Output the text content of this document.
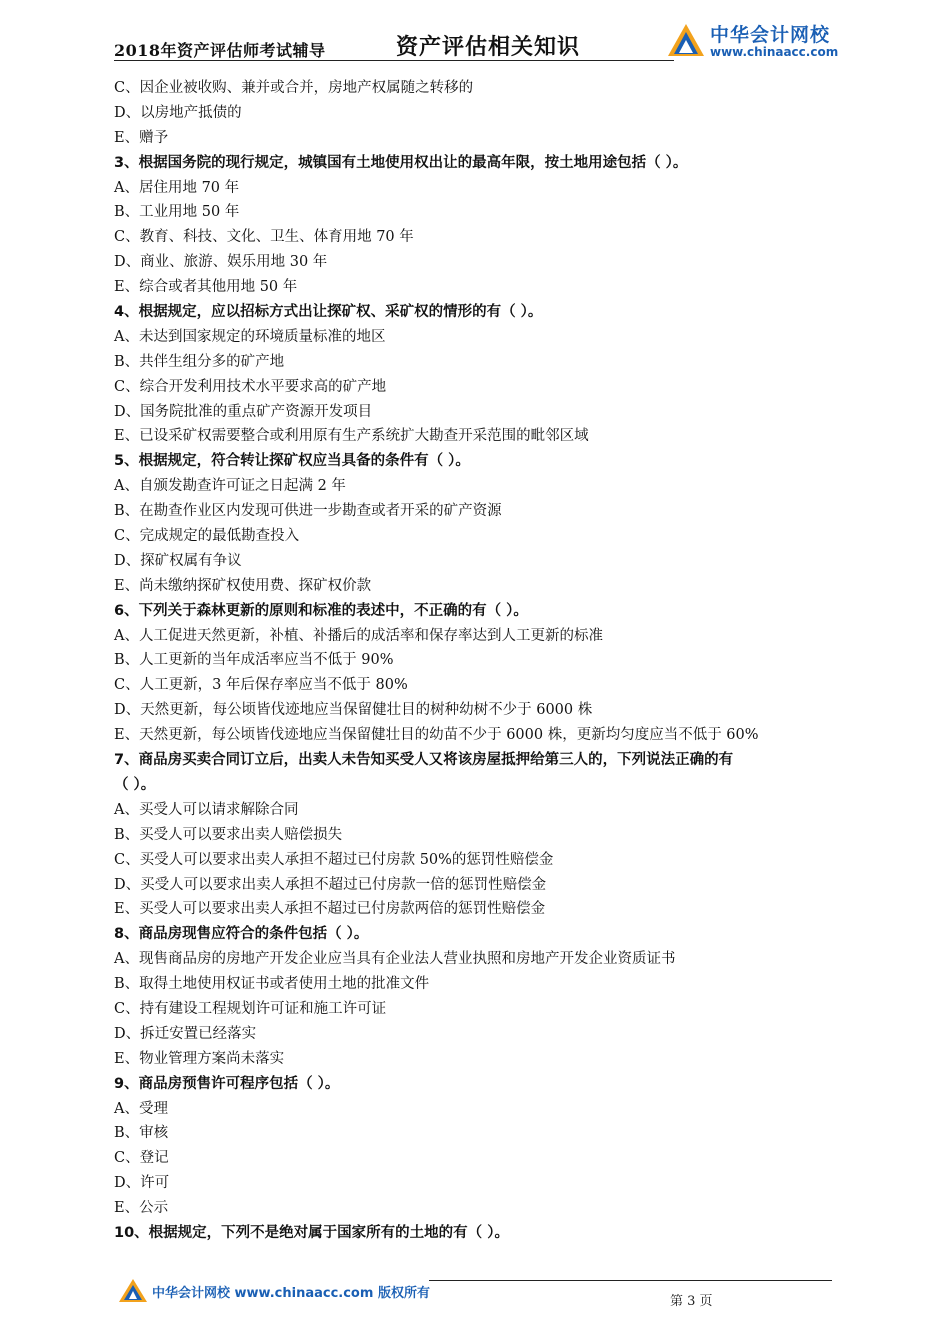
2018年资产评估师考试辅导	资产评估相关知识	中华会计网校
www.chinaacc.com
C、因企业被收购、兼并或合并，房地产权属随之转移的
D、以房地产抵债的
E、赠予
3、根据国务院的现行规定，城镇国有土地使用权出让的最高年限，按土地用途包括（ ）。
A、居住用地 70 年
B、工业用地 50 年
C、教育、科技、文化、卫生、体育用地 70 年
D、商业、旅游、娱乐用地 30 年
E、综合或者其他用地 50 年
4、根据规定，应以招标方式出让探矿权、采矿权的情形的有（ ）。
A、未达到国家规定的环境质量标准的地区
B、共伴生组分多的矿产地
C、综合开发利用技术水平要求高的矿产地
D、国务院批准的重点矿产资源开发项目
E、已设采矿权需要整合或利用原有生产系统扩大勘查开采范围的毗邻区域
5、根据规定，符合转让探矿权应当具备的条件有（ ）。
A、自颁发勘查许可证之日起满 2 年
B、在勘查作业区内发现可供进一步勘查或者开采的矿产资源
C、完成规定的最低勘查投入
D、探矿权属有争议
E、尚未缴纳探矿权使用费、探矿权价款
6、下列关于森林更新的原则和标准的表述中，不正确的有（ ）。
A、人工促进天然更新，补植、补播后的成活率和保存率达到人工更新的标准
B、人工更新的当年成活率应当不低于 90%
C、人工更新，3 年后保存率应当不低于 80%
D、天然更新，每公顷皆伐迹地应当保留健壮目的树种幼树不少于 6000 株
E、天然更新，每公顷皆伐迹地应当保留健壮目的幼苗不少于 6000 株，更新均匀度应当不低于 60%
7、商品房买卖合同订立后，出卖人未告知买受人又将该房屋抵押给第三人的，下列说法正确的有
（ ）。
A、买受人可以请求解除合同
B、买受人可以要求出卖人赔偿损失
C、买受人可以要求出卖人承担不超过已付房款 50%的惩罚性赔偿金
D、买受人可以要求出卖人承担不超过已付房款一倍的惩罚性赔偿金
E、买受人可以要求出卖人承担不超过已付房款两倍的惩罚性赔偿金
8、商品房现售应符合的条件包括（ ）。
A、现售商品房的房地产开发企业应当具有企业法人营业执照和房地产开发企业资质证书
B、取得土地使用权证书或者使用土地的批准文件
C、持有建设工程规划许可证和施工许可证
D、拆迁安置已经落实
E、物业管理方案尚未落实
9、商品房预售许可程序包括（ ）。
A、受理
B、审核
C、登记
D、许可
E、公示
10、根据规定，下列不是绝对属于国家所有的土地的有（ ）。
中华会计网校 www.chinaacc.com 版权所有
第 3 页
